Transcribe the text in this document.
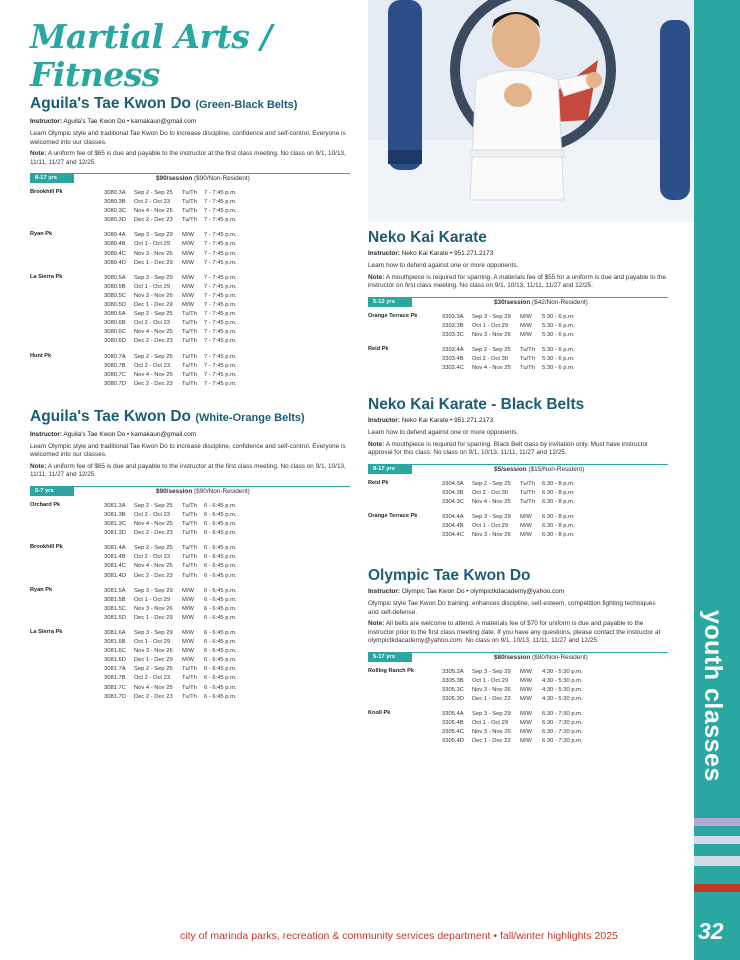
youth classes
32
city of marinda parks, recreation & community services department • fall/winter highlights 2025
Martial Arts / Fitness
Aguila's Tae Kwon Do (Green-Black Belts)
Instructor: Aguila's Tae Kwon Do • kamakaun@gmail.com
Learn Olympic style and traditional Tae Kwon Do to increase discipline, confidence and self-control. Everyone is welcomed into our classes.
Note: A uniform fee of $65 is due and payable to the instructor at the first class meeting. No class on 9/1, 10/13, 11/11, 11/27 and 12/25.
8-17 yrs	$90/session ($90/Non-Resident)
Brookhill Pk	3080.3A	Sep 2 - Sep 25	Tu/Th	7 - 7:45 p.m.
3080.3B	Oct 2 - Oct 23	Tu/Th	7 - 7:45 p.m.
3080.3C	Nov 4 - Nov 25	Tu/Th	7 - 7:45 p.m.
3080.3D	Dec 2 - Dec 23	Tu/Th	7 - 7:45 p.m.
Ryan Pk	3080.4A	Sep 3 - Sep 29	M/W	7 - 7:45 p.m.
3080.4B	Oct 1 - Oct 29	M/W	7 - 7:45 p.m.
3080.4C	Nov 3 - Nov 26	M/W	7 - 7:45 p.m.
3080.4D	Dec 1 - Dec 29	M/W	7 - 7:45 p.m.
La Sierra Pk	3080.5A	Sep 3 - Sep 29	M/W	7 - 7:45 p.m.
3080.5B	Oct 1 - Oct 29	M/W	7 - 7:45 p.m.
3080.5C	Nov 3 - Nov 26	M/W	7 - 7:45 p.m.
3080.5D	Dec 1 - Dec 29	M/W	7 - 7:45 p.m.
3080.6A	Sep 2 - Sep 25	Tu/Th	7 - 7:45 p.m.
3080.6B	Oct 2 - Oct 23	Tu/Th	7 - 7:45 p.m.
3080.6C	Nov 4 - Nov 25	Tu/Th	7 - 7:45 p.m.
3080.6D	Dec 2 - Dec 23	Tu/Th	7 - 7:45 p.m.
Hunt Pk	3080.7A	Sep 2 - Sep 25	Tu/Th	7 - 7:45 p.m.
3080.7B	Oct 2 - Oct 23	Tu/Th	7 - 7:45 p.m.
3080.7C	Nov 4 - Nov 25	Tu/Th	7 - 7:45 p.m.
3080.7D	Dec 2 - Dec 23	Tu/Th	7 - 7:45 p.m.
Aguila's Tae Kwon Do (White-Orange Belts)
Instructor: Aguila's Tae Kwon Do • kamakaun@gmail.com
Learn Olympic style and traditional Tae Kwon Do to increase discipline, confidence and self-control. Everyone is welcomed into our classes.
Note: A uniform fee of $65 is due and payable to the instructor at the first class meeting. No class on 9/1, 10/13, 11/11, 11/27 and 12/25.
5-7 yrs	$90/session ($90/Non-Resident)
Orchard Pk	3081.3A	Sep 2 - Sep 25	Tu/Th	6 - 6:45 p.m.
3081.3B	Oct 2 - Oct 23	Tu/Th	6 - 6:45 p.m.
3081.3C	Nov 4 - Nov 25	Tu/Th	6 - 6:45 p.m.
3081.3D	Dec 2 - Dec 23	Tu/Th	6 - 6:45 p.m.
Brookhill Pk	3081.4A	Sep 2 - Sep 25	Tu/Th	6 - 6:45 p.m.
3081.4B	Oct 2 - Oct 23	Tu/Th	6 - 6:45 p.m.
3081.4C	Nov 4 - Nov 25	Tu/Th	6 - 6:45 p.m.
3081.4D	Dec 2 - Dec 23	Tu/Th	6 - 6:45 p.m.
Ryan Pk	3081.5A	Sep 3 - Sep 29	M/W	6 - 6:45 p.m.
3081.5B	Oct 1 - Oct 29	M/W	6 - 6:45 p.m.
3081.5C	Nov 3 - Nov 26	M/W	6 - 6:45 p.m.
3081.5D	Dec 1 - Dec 29	M/W	6 - 6:45 p.m.
La Sierra Pk	3081.6A	Sep 3 - Sep 29	M/W	6 - 6:45 p.m.
3081.6B	Oct 1 - Oct 29	M/W	6 - 6:45 p.m.
3081.6C	Nov 3 - Nov 26	M/W	6 - 6:45 p.m.
3081.6D	Dec 1 - Dec 29	M/W	6 - 6:45 p.m.
3081.7A	Sep 2 - Sep 25	Tu/Th	6 - 6:45 p.m.
3081.7B	Oct 2 - Oct 23	Tu/Th	6 - 6:45 p.m.
3081.7C	Nov 4 - Nov 25	Tu/Th	6 - 6:45 p.m.
3081.7D	Dec 2 - Dec 23	Tu/Th	6 - 6:45 p.m.
Neko Kai Karate
Instructor: Neko Kai Karate • 951.271.2173
Learn how to defend against one or more opponents.
Note: A mouthpiece is required for sparring. A materials fee of $55 for a uniform is due and payable to the instructor on first class meeting. No class on 9/1, 10/13, 11/11, 11/27 and 12/25.
5-12 yrs	$30/session ($42/Non-Resident)
Orange Terrace Pk	3303.3A	Sep 3 - Sep 29	M/W	5:30 - 6 p.m.
3303.3B	Oct 1 - Oct 29	M/W	5:30 - 6 p.m.
3303.3C	Nov 3 - Nov 26	M/W	5:30 - 6 p.m.
Reid Pk	3303.4A	Sep 2 - Sep 25	Tu/Th	5:30 - 6 p.m.
3303.4B	Oct 2 - Oct 30	Tu/Th	5:30 - 6 p.m.
3303.4C	Nov 4 - Nov 25	Tu/Th	5:30 - 6 p.m.
Neko Kai Karate - Black Belts
Instructor: Neko Kai Karate • 951.271.2173
Learn how to defend against one or more opponents.
Note: A mouthpiece is required for sparring. Black Belt class by invitation only. Must have instructor approval for this class. No class on 9/1, 10/13, 11/11, 11/27 and 12/25.
8-17 yrs	$5/session ($15/Non-Resident)
Reid Pk	3304.3A	Sep 2 - Sep 25	Tu/Th	6:30 - 8 p.m.
3304.3B	Oct 2 - Oct 30	Tu/Th	6:30 - 8 p.m.
3304.3C	Nov 4 - Nov 25	Tu/Th	6:30 - 8 p.m.
Orange Terrace Pk	3304.4A	Sep 3 - Sep 29	M/W	6:30 - 8 p.m.
3304.4B	Oct 1 - Oct 29	M/W	6:30 - 8 p.m.
3304.4C	Nov 3 - Nov 26	M/W	6:30 - 8 p.m.
Olympic Tae Kwon Do
Instructor: Olympic Tae Kwon Do • olympictkdacademy@yahoo.com
Olympic style Tae Kwon Do training: enhances discipline, self-esteem, competition fighting techniques and self-defense.
Note: All belts are welcome to attend. A materials fee of $70 for uniform is due and payable to the instructor prior to the first class meeting date. If you have any questions, please contact the instructor at olympictkdacademy@yahoo.com. No class on 9/1, 10/13, 11/11, 11/27 and 12/25.
5-17 yrs	$80/session ($80/Non-Resident)
Rolling Ranch Pk	3305.3A	Sep 3 - Sep 29	M/W	4:30 - 5:30 p.m.
3305.3B	Oct 1 - Oct 29	M/W	4:30 - 5:30 p.m.
3305.3C	Nov 3 - Nov 26	M/W	4:30 - 5:30 p.m.
3305.3D	Dec 1 - Dec 22	M/W	4:30 - 5:30 p.m.
Knoll Pk	3305.4A	Sep 3 - Sep 29	M/W	6:30 - 7:30 p.m.
3305.4B	Oct 1 - Oct 29	M/W	6:30 - 7:30 p.m.
3305.4C	Nov 3 - Nov 26	M/W	6:30 - 7:30 p.m.
3305.4D	Dec 1 - Dec 22	M/W	6:30 - 7:30 p.m.
